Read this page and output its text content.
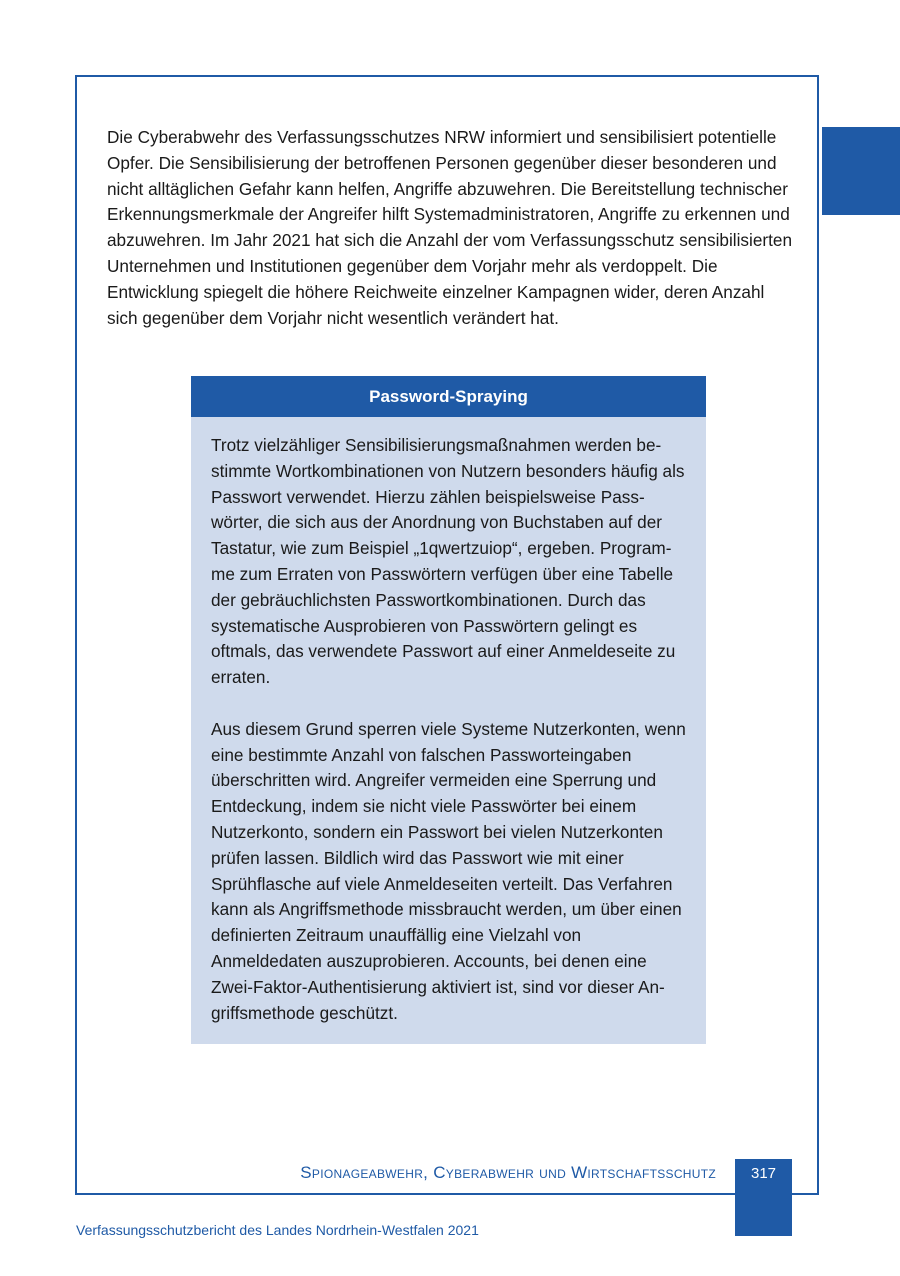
Die Cyberabwehr des Verfassungsschutzes NRW informiert und sensibilisiert potentielle Opfer. Die Sensibilisierung der betroffenen Personen gegenüber dieser besonderen und nicht alltäglichen Gefahr kann helfen, Angriffe abzuwehren. Die Bereitstellung technischer Erkennungsmerkmale der Angreifer hilft Systemadministratoren, Angriffe zu erkennen und abzuwehren. Im Jahr 2021 hat sich die Anzahl der vom Verfassungsschutz sensibilisierten Unternehmen und Institutionen gegenüber dem Vorjahr mehr als verdoppelt. Die Entwicklung spiegelt die höhere Reichweite einzelner Kampagnen wider, deren Anzahl sich gegenüber dem Vorjahr nicht wesentlich verändert hat.

Password-Spraying

Trotz vielzähliger Sensibilisierungsmaßnahmen werden bestimmte Wortkombinationen von Nutzern besonders häufig als Passwort verwendet. Hierzu zählen beispielsweise Passwörter, die sich aus der Anordnung von Buchstaben auf der Tastatur, wie zum Beispiel „1qwertzuiop“, ergeben. Programme zum Erraten von Passwörtern verfügen über eine Tabelle der gebräuchlichsten Passwortkombinationen. Durch das systematische Ausprobieren von Passwörtern gelingt es oftmals, das verwendete Passwort auf einer Anmeldeseite zu erraten.

Aus diesem Grund sperren viele Systeme Nutzerkonten, wenn eine bestimmte Anzahl von falschen Passworteingaben überschritten wird. Angreifer vermeiden eine Sperrung und Entdeckung, indem sie nicht viele Passwörter bei einem Nutzerkonto, sondern ein Passwort bei vielen Nutzerkonten prüfen lassen. Bildlich wird das Passwort wie mit einer Sprühflasche auf viele Anmeldeseiten verteilt. Das Verfahren kann als Angriffsmethode missbraucht werden, um über einen definierten Zeitraum unauffällig eine Vielzahl von Anmeldedaten auszuprobieren. Accounts, bei denen eine Zwei-Faktor-Authentisierung aktiviert ist, sind vor dieser Angriffsmethode geschützt.

Spionageabwehr, Cyberabwehr und Wirtschaftsschutz	317
Verfassungsschutzbericht des Landes Nordrhein-Westfalen 2021
